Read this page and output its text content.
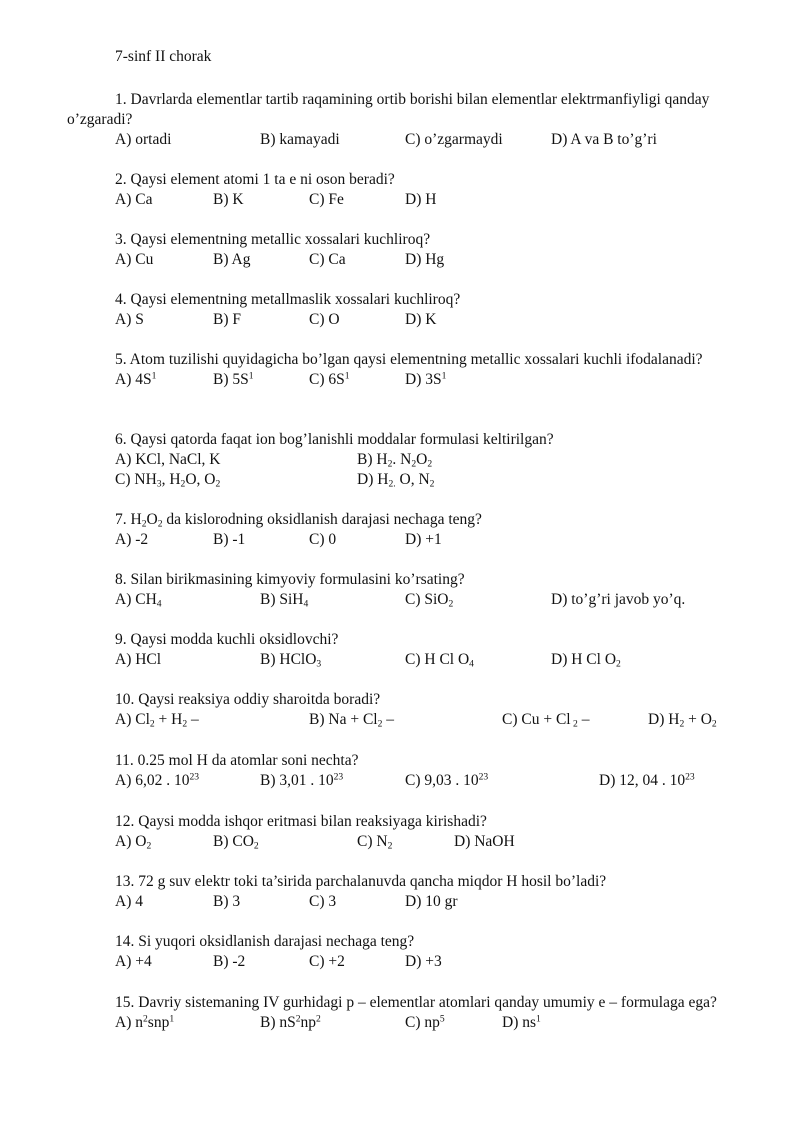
7-sinf II chorak

1. Davrlarda elementlar tartib raqamining ortib borishi bilan elementlar elektrmanfiyligi qanday o’zgaradi?

A) ortadi	B) kamayadi	C) o’zgarmaydi	D) A va B to’g’ri

2. Qaysi element atomi 1 ta e ni oson beradi?

A) Ca	B) K	C) Fe	D) H

3. Qaysi elementning metallic xossalari kuchliroq?

A) Cu	B) Ag	C) Ca	D) Hg

4. Qaysi elementning metallmaslik xossalari kuchliroq?

A) S	B) F	C) O	D) K

5. Atom tuzilishi quyidagicha bo’lgan qaysi elementning metallic xossalari kuchli ifodalanadi?

A) $4S^1$	B) $5S^1$	C) $6S^1$	D) $3S^1$

6. Qaysi qatorda faqat ion bog’lanishli moddalar formulasi keltirilgan?

A) KCl, NaCl, K	B) $H_2$. $N_2O_2$
C) $NH_3$, $H_2O$, $O_2$	D) $H_{2.}$ O, $N_2$

7. $H_2O_2$ da kislorodning oksidlanish darajasi nechaga teng?

A) -2	B) -1	C) 0	D) +1

8. Silan birikmasining kimyoviy formulasini ko’rsating?

A) $CH_4$	B) SiH$_4$	C) SiO$_2$	D) to’g’ri javob yo’q.

9. Qaysi modda kuchli oksidlovchi?

A) HCl	B) HClO$_3$	C) H Cl $O_4$	D) H Cl $O_2$

10. Qaysi reaksiya oddiy sharoitda boradi?

A) $Cl_2 + H_2$ –	B) $Na + Cl_2$ –	C) Cu + Cl $_2$ –	D) $H_2 + O_2$

11. 0.25 mol H da atomlar soni nechta?

A) 6,02 . $10^{23}$	B) 3,01 . $10^{23}$	C) 9,03 . $10^{23}$	D) 12, 04 . $10^{23}$

12. Qaysi modda ishqor eritmasi bilan reaksiyaga kirishadi?

A) $O_2$	B) $CO_2$	C) $N_2$	D) NaOH

13. 72 g suv elektr toki ta’sirida parchalanuvda qancha miqdor H hosil bo’ladi?

A) 4	B) 3	C) 3	D) 10 gr

14. Si yuqori oksidlanish darajasi nechaga teng?

A) +4	B) -2	C) +2	D) +3

15. Davriy sistemaning IV gurhidagi p – elementlar atomlari qanday umumiy e – formulaga ega?

A) $n^2snp^1$	B) $nS^2np^2$	C) $np^5$	D) $ns^1$
